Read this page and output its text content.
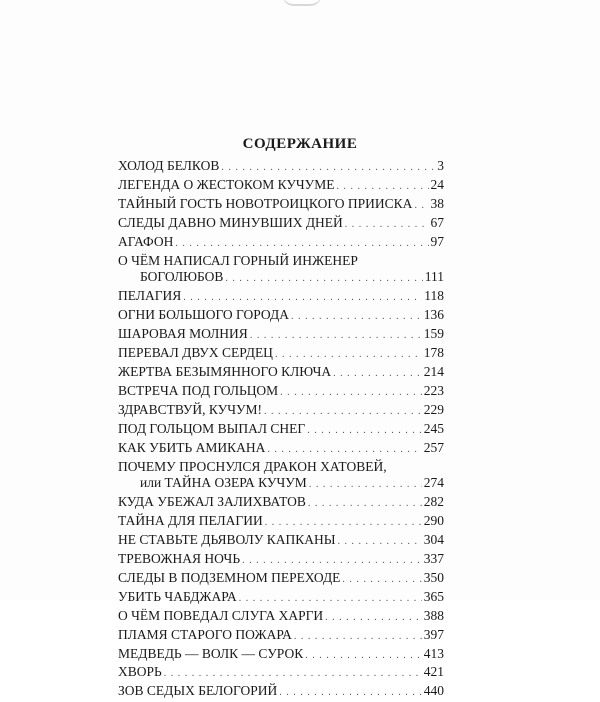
СОДЕРЖАНИЕ
ХОЛОД БЕЛКОВ . . .	3
ЛЕГЕНДА О ЖЕСТОКОМ КУЧУМЕ . . .	24
ТАЙНЫЙ ГОСТЬ НОВОТРОИЦКОГО ПРИИСКА . . . 38
СЛЕДЫ ДАВНО МИНУВШИХ ДНЕЙ . . .	67
АГАФОН . . .	97
О ЧЁМ НАПИСАЛ ГОРНЫЙ ИНЖЕНЕР
БОГОЛЮБОВ . . .	111
ПЕЛАГИЯ . . .	118
ОГНИ БОЛЬШОГО ГОРОДА . . .	136
ШАРОВАЯ МОЛНИЯ . . .	159
ПЕРЕВАЛ ДВУХ СЕРДЕЦ . . .	178
ЖЕРТВА БЕЗЫМЯННОГО КЛЮЧА . . .	214
ВСТРЕЧА ПОД ГОЛЬЦОМ . . .	223
ЗДРАВСТВУЙ, КУЧУМ! . . .	229
ПОД ГОЛЬЦОМ ВЫПАЛ СНЕГ . . .	245
КАК УБИТЬ АМИКАНА . . .	257
ПОЧЕМУ ПРОСНУЛСЯ ДРАКОН ХАТОВЕЙ,
или ТАЙНА ОЗЕРА КУЧУМ . . .	274
КУДА УБЕЖАЛ ЗАЛИХВАТОВ . . .	282
ТАЙНА ДЛЯ ПЕЛАГИИ . . .	290
НЕ СТАВЬТЕ ДЬЯВОЛУ КАПКАНЫ . . .	304
ТРЕВОЖНАЯ НОЧЬ . . .	337
СЛЕДЫ В ПОДЗЕМНОМ ПЕРЕХОДЕ . . .	350
УБИТЬ ЧАБДЖАРА . . .	365
О ЧЁМ ПОВЕДАЛ СЛУГА ХАРГИ . . .	388
ПЛАМЯ СТАРОГО ПОЖАРА . . .	397
МЕДВЕДЬ — ВОЛК — СУРОК . . .	413
ХВОРЬ . . .	421
ЗОВ СЕДЫХ БЕЛОГОРИЙ . . .	440
